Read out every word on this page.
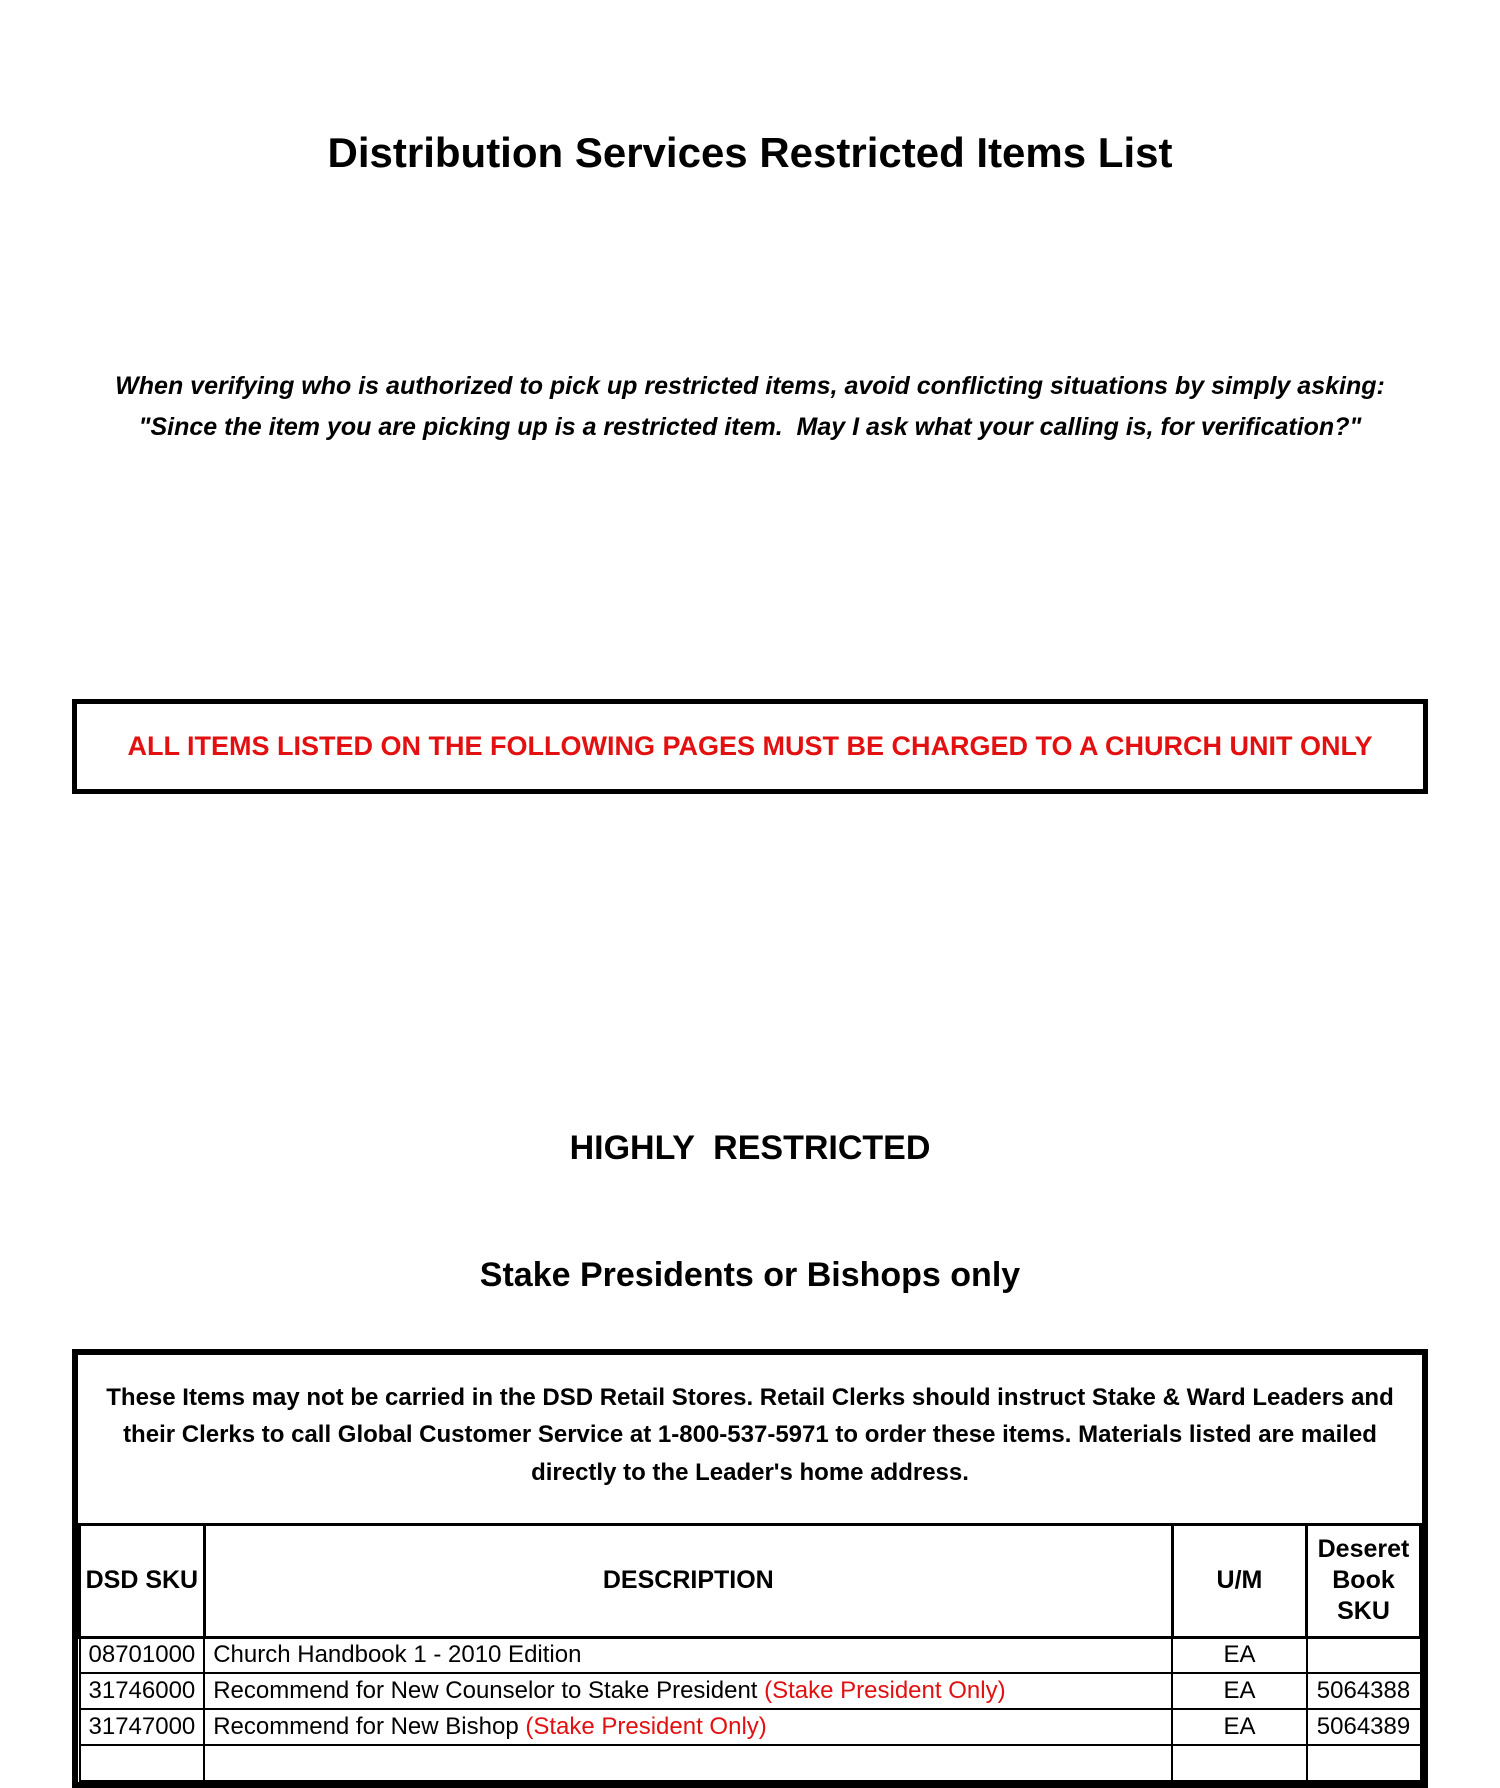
Distribution Services Restricted Items List

When verifying who is authorized to pick up restricted items, avoid conflicting situations by simply asking:  "Since the item you are picking up is a restricted item.  May I ask what your calling is, for verification?"

ALL ITEMS LISTED ON THE FOLLOWING PAGES MUST BE CHARGED TO A CHURCH UNIT ONLY

HIGHLY  RESTRICTED

Stake Presidents or Bishops only

These Items may not be carried in the DSD Retail Stores. Retail Clerks should instruct Stake & Ward Leaders and their Clerks to call Global Customer Service at 1-800-537-5971 to order these items. Materials listed are mailed directly to the Leader's home address.
DSD SKU	DESCRIPTION	U/M	Deseret Book SKU
08701000	Church Handbook 1 - 2010 Edition	EA	
31746000	Recommend for New Counselor to Stake President (Stake President Only)	EA	5064388
31747000	Recommend for New Bishop (Stake President Only)	EA	5064389
